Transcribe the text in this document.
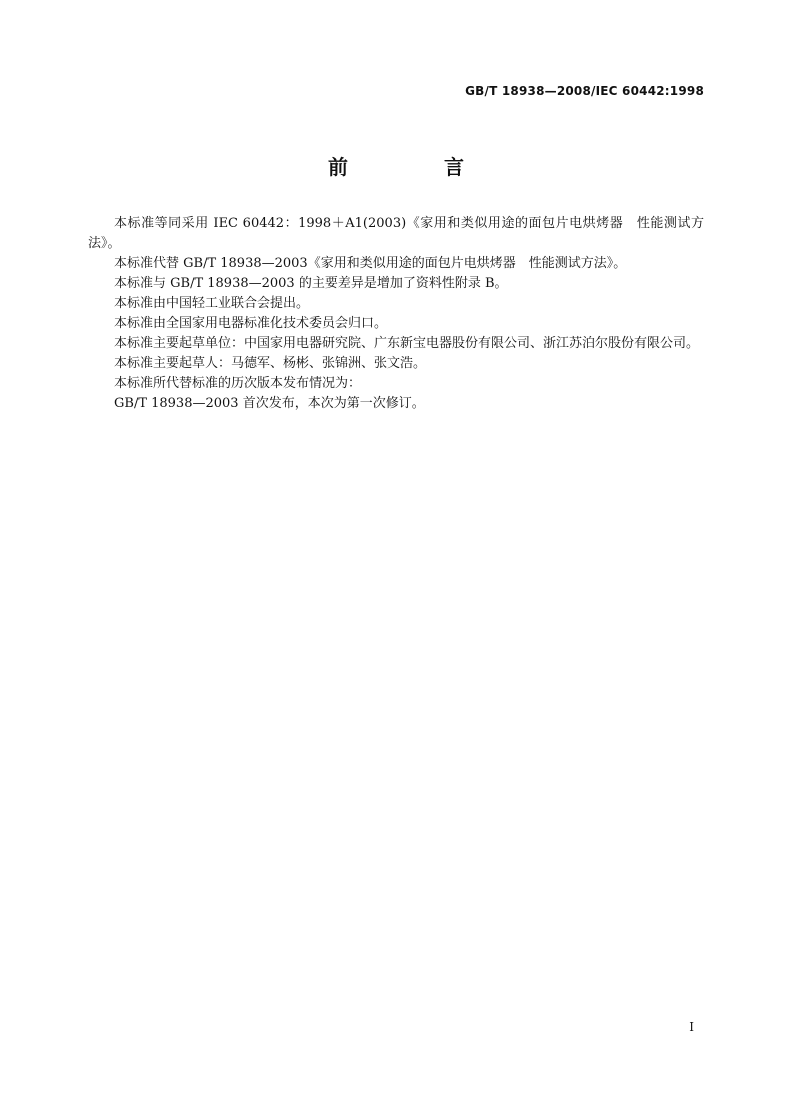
GB/T 18938—2008/IEC 60442:1998
前　言

本标准等同采用 IEC 60442：1998＋A1(2003)《家用和类似用途的面包片电烘烤器　性能测试方法》。

本标准代替 GB/T 18938—2003《家用和类似用途的面包片电烘烤器　性能测试方法》。

本标准与 GB/T 18938—2003 的主要差异是增加了资料性附录 B。

本标准由中国轻工业联合会提出。

本标准由全国家用电器标准化技术委员会归口。

本标准主要起草单位：中国家用电器研究院、广东新宝电器股份有限公司、浙江苏泊尔股份有限公司。

本标准主要起草人：马德军、杨彬、张锦洲、张文浩。

本标准所代替标准的历次版本发布情况为：

GB/T 18938—2003 首次发布，本次为第一次修订。

I
